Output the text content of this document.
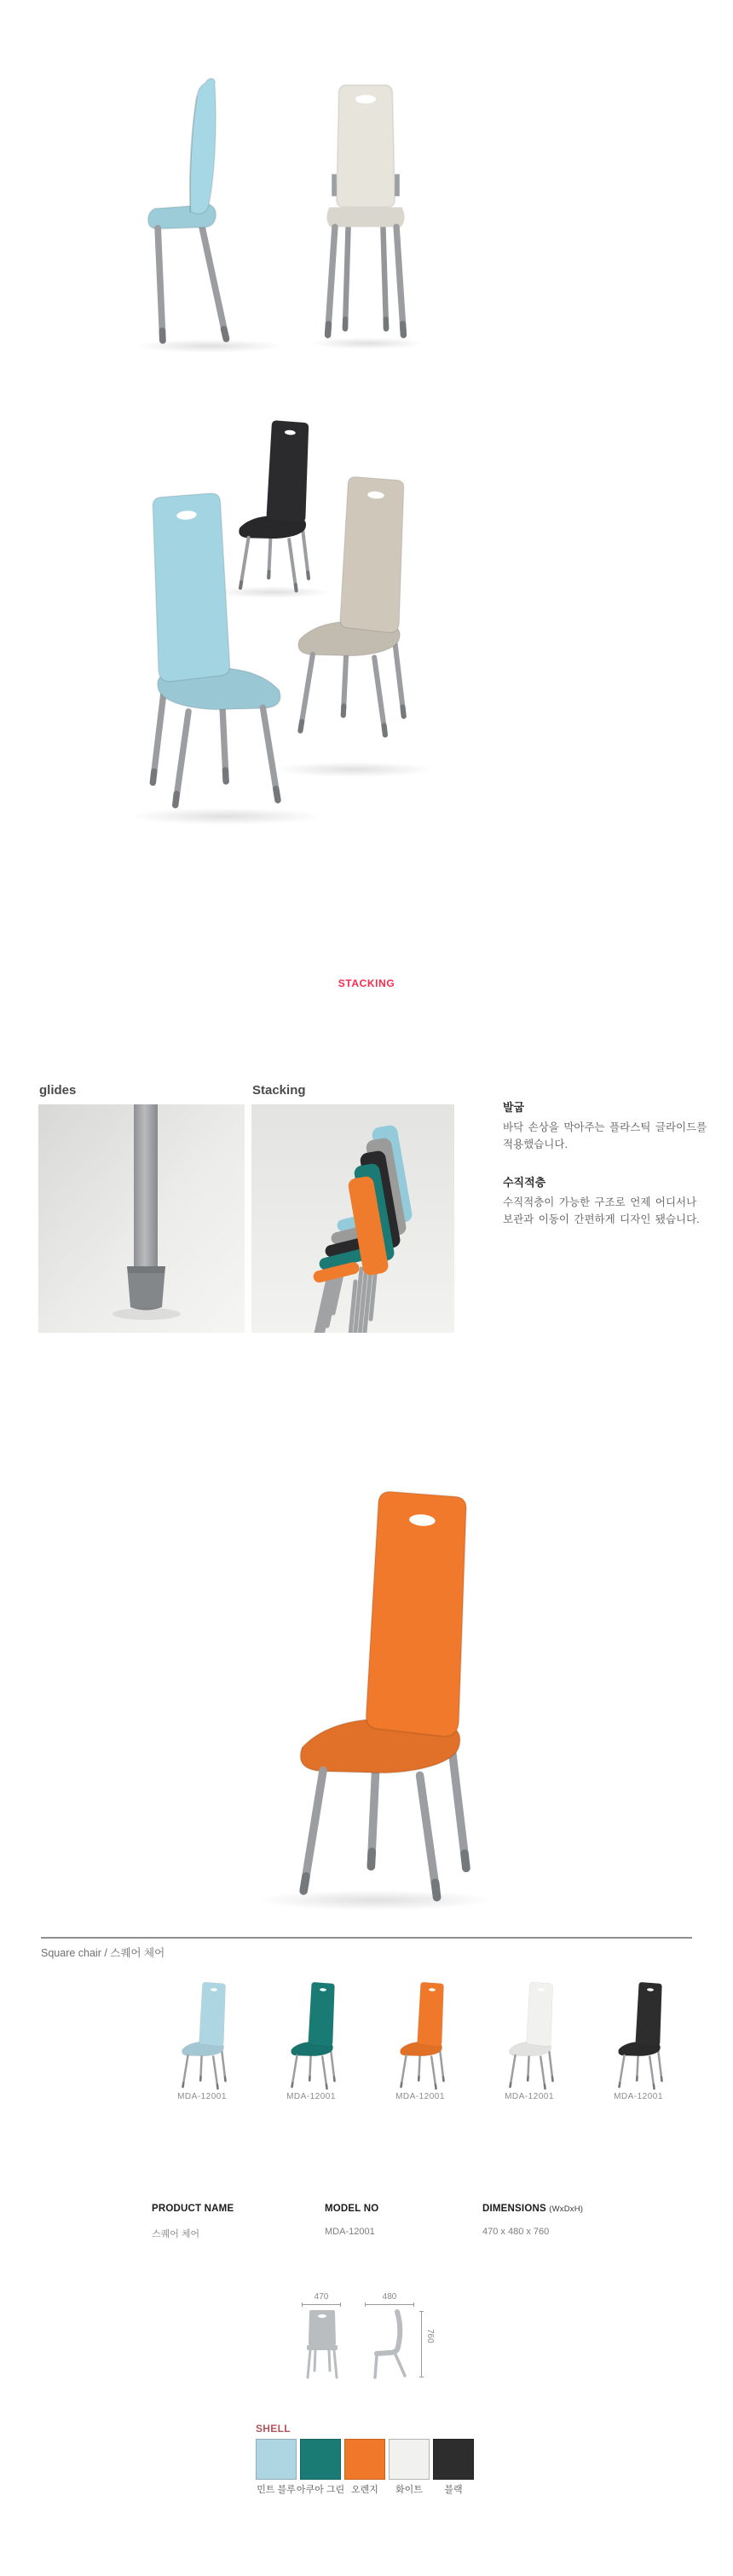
STACKING
glides	Stacking
발굽
바닥 손상을 막아주는 플라스틱 글라이드를
적용했습니다.
수직적층
수직적층이 가능한 구조로 언제 어디서나
보관과 이동이 간편하게 디자인 됐습니다.
Square chair / 스퀘어 체어
MDA-12001	MDA-12001	MDA-12001	MDA-12001	MDA-12001
PRODUCT NAME	MODEL NO	DIMENSIONS (WxDxH)
스퀘어 체어	MDA-12001	470 x 480 x 760
470	480
760
SHELL
민트 블루 아쿠아 그린 오렌지	화이트	블랙
